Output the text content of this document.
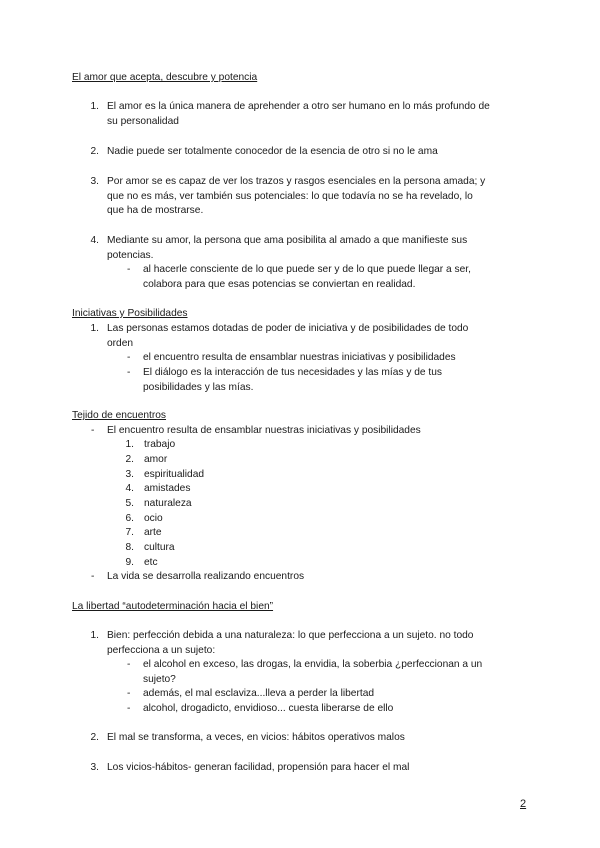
El amor que acepta, descubre y potencia
1. El amor es la única manera de aprehender a otro ser humano en lo más profundo de
su personalidad
2. Nadie puede ser totalmente conocedor de la esencia de otro si no le ama
3. Por amor se es capaz de ver los trazos y rasgos esenciales en la persona amada; y
que no es más, ver también sus potenciales: lo que todavía no se ha revelado, lo
que ha de mostrarse.
4. Mediante su amor, la persona que ama posibilita al amado a que manifieste sus
potencias.
-	al hacerle consciente de lo que puede ser y de lo que puede llegar a ser,
colabora para que esas potencias se conviertan en realidad.
Iniciativas y Posibilidades
1. Las personas estamos dotadas de poder de iniciativa y de posibilidades de todo
orden
-	el encuentro resulta de ensamblar nuestras iniciativas y posibilidades
-	El diálogo es la interacción de tus necesidades y las mías y de tus
posibilidades y las mías.
Tejido de encuentros
-	El encuentro resulta de ensamblar nuestras iniciativas y posibilidades
1. trabajo
2. amor
3. espiritualidad
4. amistades
5. naturaleza
6. ocio
7. arte
8. cultura
9. etc
-	La vida se desarrolla realizando encuentros
La libertad “autodeterminación hacia el bien”
1. Bien: perfección debida a una naturaleza: lo que perfecciona a un sujeto. no todo
perfecciona a un sujeto:
-	el alcohol en exceso, las drogas, la envidia, la soberbia ¿perfeccionan a un
sujeto?
-	además, el mal esclaviza...lleva a perder la libertad
-	alcohol, drogadicto, envidioso... cuesta liberarse de ello
2. El mal se transforma, a veces, en vicios: hábitos operativos malos
3. Los vicios-hábitos- generan facilidad, propensión para hacer el mal
2
